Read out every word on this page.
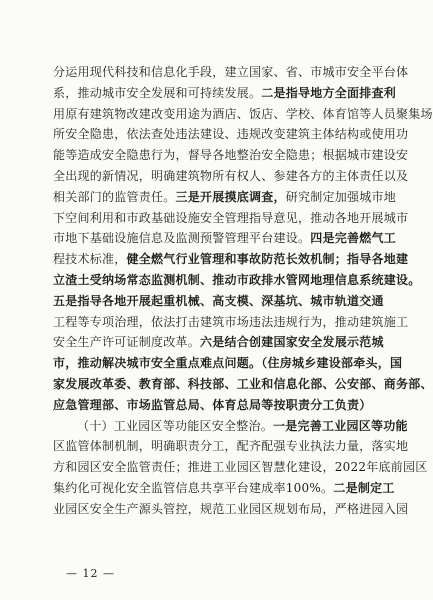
分运用现代科技和信息化手段，建立国家、省、市城市安全平台体
系，推动城市安全发展和可持续发展。二是指导地方全面排查利
用原有建筑物改建改变用途为酒店、饭店、学校、体育馆等人员聚集场
所安全隐患，依法查处违法建设、违规改变建筑主体结构或使用功
能等造成安全隐患行为，督导各地整治安全隐患；根据城市建设安
全出现的新情况，明确建筑物所有权人、参建各方的主体责任以及
相关部门的监管责任。三是开展摸底调查，研究制定加强城市地
下空间利用和市政基础设施安全管理指导意见，推动各地开展城市
市地下基础设施信息及监测预警管理平台建设。四是完善燃气工
程技术标准，健全燃气行业管理和事故防范长效机制；指导各地建
立渣土受纳场常态监测机制、推动市政排水管网地理信息系统建设。
五是指导各地开展起重机械、高支模、深基坑、城市轨道交通
工程等专项治理，依法打击建筑市场违法违规行为，推动建筑施工
安全生产许可证制度改革。六是结合创建国家安全发展示范城
市，推动解决城市安全重点难点问题。（住房城乡建设部牵头，国
家发展改革委、教育部、科技部、工业和信息化部、公安部、商务部、
应急管理部、市场监管总局、体育总局等按职责分工负责）
（十）工业园区等功能区安全整治。一是完善工业园区等功能
区监管体制机制，明确职责分工，配齐配强专业执法力量，落实地
方和园区安全监管责任；推进工业园区智慧化建设，2022年底前园区
集约化可视化安全监管信息共享平台建成率100%。二是制定工
业园区安全生产源头管控，规范工业园区规划布局，严格进园入园
— 12 —
